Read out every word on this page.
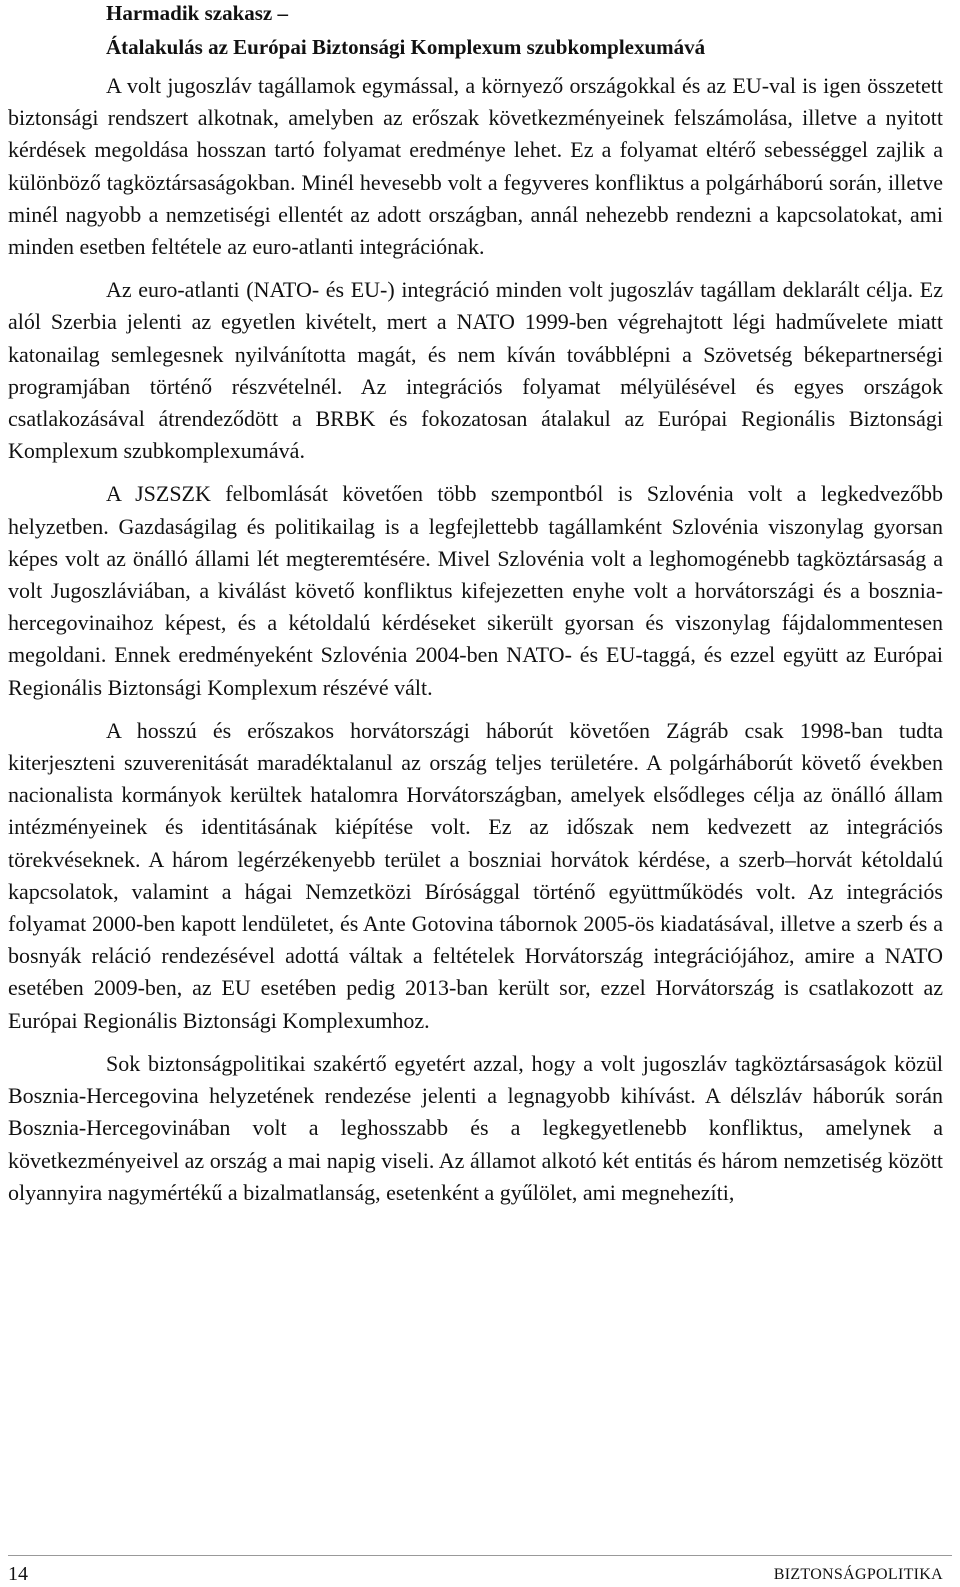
Harmadik szakasz –
Átalakulás az Európai Biztonsági Komplexum szubkomplexumává

A volt jugoszláv tagállamok egymással, a környező országokkal és az EU-val is igen összetett biztonsági rendszert alkotnak, amelyben az erőszak következményeinek felszámolása, illetve a nyitott kérdések megoldása hosszan tartó folyamat eredménye lehet. Ez a folyamat eltérő sebességgel zajlik a különböző tagköztársaságokban. Minél hevesebb volt a fegyveres konfliktus a polgárháború során, illetve minél nagyobb a nemzetiségi ellentét az adott országban, annál nehezebb rendezni a kapcsolatokat, ami minden esetben feltétele az euro-atlanti integrációnak.

Az euro-atlanti (NATO- és EU-) integráció minden volt jugoszláv tagállam deklarált célja. Ez alól Szerbia jelenti az egyetlen kivételt, mert a NATO 1999-ben végrehajtott légi hadművelete miatt katonailag semlegesnek nyilvánította magát, és nem kíván továbblépni a Szövetség békepartnerségi programjában történő részvételnél. Az integrációs folyamat mélyülésével és egyes országok csatlakozásával átrendeződött a BRBK és fokozatosan átalakul az Európai Regionális Biztonsági Komplexum szubkomplexumává.

A JSZSZK felbomlását követően több szempontból is Szlovénia volt a legkedvezőbb helyzetben. Gazdaságilag és politikailag is a legfejlettebb tagállamként Szlovénia viszonylag gyorsan képes volt az önálló állami lét megteremtésére. Mivel Szlovénia volt a leghomogénebb tagköztársaság a volt Jugoszláviában, a kiválást követő konfliktus kifejezetten enyhe volt a horvátországi és a bosznia-hercegovinaihoz képest, és a kétoldalú kérdéseket sikerült gyorsan és viszonylag fájdalommentesen megoldani. Ennek eredményeként Szlovénia 2004-ben NATO- és EU-taggá, és ezzel együtt az Európai Regionális Biztonsági Komplexum részévé vált.

A hosszú és erőszakos horvátországi háborút követően Zágráb csak 1998-ban tudta kiterjeszteni szuverenitását maradéktalanul az ország teljes területére. A polgárháborút követő években nacionalista kormányok kerültek hatalomra Horvátországban, amelyek elsődleges célja az önálló állam intézményeinek és identitásának kiépítése volt. Ez az időszak nem kedvezett az integrációs törekvéseknek. A három legérzékenyebb terület a boszniai horvátok kérdése, a szerb–horvát kétoldalú kapcsolatok, valamint a hágai Nemzetközi Bírósággal történő együttműködés volt. Az integrációs folyamat 2000-ben kapott lendületet, és Ante Gotovina tábornok 2005-ös kiadatásával, illetve a szerb és a bosnyák reláció rendezésével adottá váltak a feltételek Horvátország integrációjához, amire a NATO esetében 2009-ben, az EU esetében pedig 2013-ban került sor, ezzel Horvátország is csatlakozott az Európai Regionális Biztonsági Komplexumhoz.

Sok biztonságpolitikai szakértő egyetért azzal, hogy a volt jugoszláv tagköztársaságok közül Bosznia-Hercegovina helyzetének rendezése jelenti a legnagyobb kihívást. A délszláv háborúk során Bosznia-Hercegovinában volt a leghosszabb és a legkegyetlenebb konfliktus, amelynek a következményeivel az ország a mai napig viseli. Az államot alkotó két entitás és három nemzetiség között olyannyira nagymértékű a bizalmatlanság, esetenként a gyűlölet, ami megnehezíti,

14	BIZTONSÁGPOLITIKA
